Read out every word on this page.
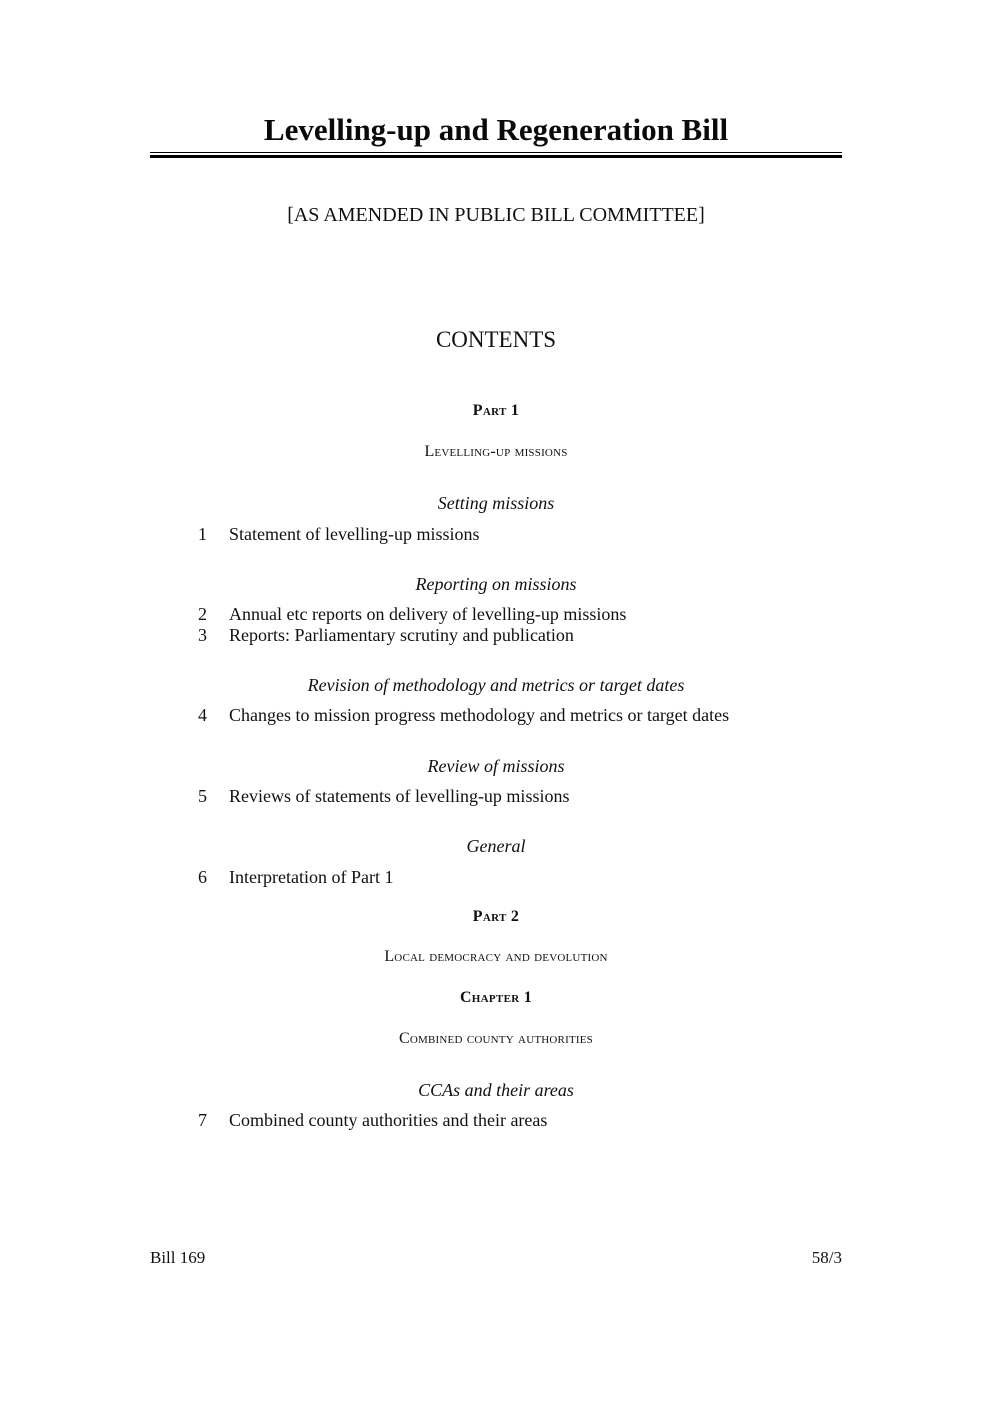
Levelling-up and Regeneration Bill
[AS AMENDED IN PUBLIC BILL COMMITTEE]
CONTENTS
Part 1
Levelling-up missions
Setting missions
1 Statement of levelling-up missions
Reporting on missions
2 Annual etc reports on delivery of levelling-up missions
3 Reports: Parliamentary scrutiny and publication
Revision of methodology and metrics or target dates
4 Changes to mission progress methodology and metrics or target dates
Review of missions
5 Reviews of statements of levelling-up missions
General
6 Interpretation of Part 1
Part 2
Local democracy and devolution
Chapter 1
Combined county authorities
CCAs and their areas
7 Combined county authorities and their areas
Bill 169	58/3
